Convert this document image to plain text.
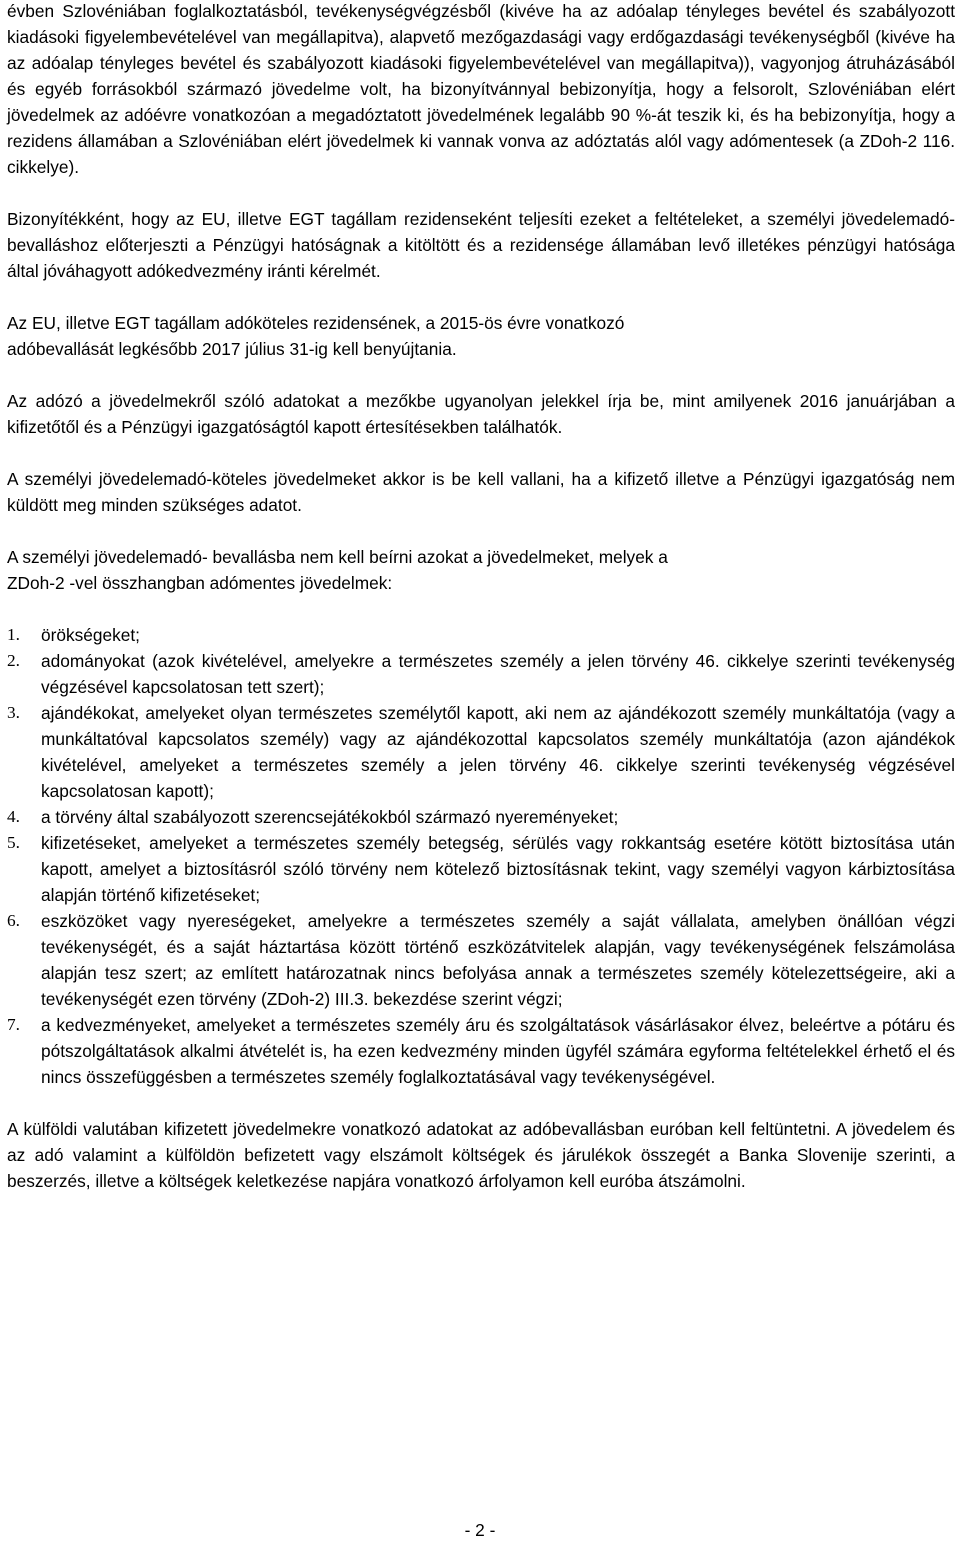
évben Szlovéniában foglalkoztatásból, tevékenységvégzésből (kivéve ha az adóalap tényleges bevétel és szabályozott kiadásoki figyelembevételével van megállapitva), alapvető mezőgazdasági vagy erdőgazdasági tevékenységből (kivéve ha az adóalap tényleges bevétel és szabályozott kiadásoki figyelembevételével van megállapitva)), vagyonjog átruházásából és egyéb forrásokból származó jövedelme volt, ha bizonyítvánnyal bebizonyítja, hogy a felsorolt, Szlovéniában elért jövedelmek az adóévre vonatkozóan a megadóztatott jövedelmének legalább 90 %-át teszik ki, és ha bebizonyítja, hogy a rezidens államában a Szlovéniában elért jövedelmek ki vannak vonva az adóztatás alól vagy adómentesek (a ZDoh-2 116. cikkelye).

Bizonyítékként, hogy az EU, illetve EGT tagállam rezidenseként teljesíti ezeket a feltételeket, a személyi jövedelemadó-bevalláshoz előterjeszti a Pénzügyi hatóságnak a kitöltött és a rezidensége államában levő illetékes pénzügyi hatósága által jóváhagyott adókedvezmény iránti kérelmét.

Az EU, illetve EGT tagállam adóköteles rezidensének, a 2015-ös évre vonatkozó
adóbevallását legkésőbb 2017 július 31-ig kell benyújtania.

Az adózó a jövedelmekről szóló adatokat a mezőkbe ugyanolyan jelekkel írja be, mint amilyenek 2016 januárjában a kifizetőtől és a Pénzügyi igazgatóságtól kapott értesítésekben találhatók.

A személyi jövedelemadó-köteles jövedelmeket akkor is be kell vallani, ha a kifizető illetve a Pénzügyi igazgatóság nem küldött meg minden szükséges adatot.

A személyi jövedelemadó- bevallásba nem kell beírni azokat a jövedelmeket, melyek a
ZDoh-2 -vel összhangban adómentes jövedelmek:

1. örökségeket;
2. adományokat (azok kivételével, amelyekre a természetes személy a jelen törvény 46. cikkelye szerinti tevékenység végzésével kapcsolatosan tett szert);
3. ajándékokat, amelyeket olyan természetes személytől kapott, aki nem az ajándékozott személy munkáltatója (vagy a munkáltatóval kapcsolatos személy) vagy az ajándékozottal kapcsolatos személy munkáltatója (azon ajándékok kivételével, amelyeket a természetes személy a jelen törvény 46. cikkelye szerinti tevékenység végzésével kapcsolatosan kapott);
4. a törvény által szabályozott szerencsejátékokból származó nyereményeket;
5. kifizetéseket, amelyeket a természetes személy betegség, sérülés vagy rokkantság esetére kötött biztosítása után kapott, amelyet a biztosításról szóló törvény nem kötelező biztosításnak tekint, vagy személyi vagyon kárbiztosítása alapján történő kifizetéseket;
6. eszközöket vagy nyereségeket, amelyekre a természetes személy a saját vállalata, amelyben önállóan végzi tevékenységét, és a saját háztartása között történő eszközátvitelek alapján, vagy tevékenységének felszámolása alapján tesz szert; az említett határozatnak nincs befolyása annak a természetes személy kötelezettségeire, aki a tevékenységét ezen törvény (ZDoh-2) III.3. bekezdése szerint végzi;
7. a kedvezményeket, amelyeket a természetes személy áru és szolgáltatások vásárlásakor élvez, beleértve a pótáru és pótszolgáltatások alkalmi átvételét is, ha ezen kedvezmény minden ügyfél számára egyforma feltételekkel érhető el és nincs összefüggésben a természetes személy foglalkoztatásával vagy tevékenységével.

A külföldi valutában kifizetett jövedelmekre vonatkozó adatokat az adóbevallásban euróban kell feltüntetni. A jövedelem és az adó valamint a külföldön befizetett vagy elszámolt költségek és járulékok összegét a Banka Slovenije szerinti, a beszerzés, illetve a költségek keletkezése napjára vonatkozó árfolyamon kell euróba átszámolni.

- 2 -
